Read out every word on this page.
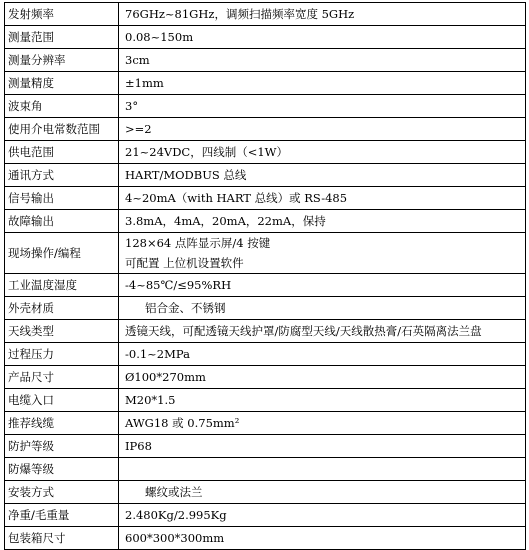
发射频率	76GHz~81GHz，调频扫描频率宽度 5GHz
测量范围	0.08~150m
测量分辨率	3cm
测量精度	±1mm
波束角	3°
使用介电常数范围	>=2
供电范围	21~24VDC，四线制（<1W）
通讯方式	HART/MODBUS 总线
信号输出	4~20mA（with HART 总线）或 RS-485
故障输出	3.8mA，4mA，20mA，22mA，保持
现场操作/编程	128×64 点阵显示屏/4 按键
可配置 上位机设置软件

工业温度湿度	-4~85℃/≤95%RH
外壳材质	铝合金、不锈钢
天线类型	透镜天线，可配透镜天线护罩/防腐型天线/天线散热膏/石英隔离法兰盘
过程压力	-0.1~2MPa
产品尺寸	Ø100*270mm
电缆入口	M20*1.5
推荐线缆	AWG18 或 0.75mm²
防护等级	IP68
防爆等级	
安装方式	螺纹或法兰
净重/毛重量	2.480Kg/2.995Kg
包装箱尺寸	600*300*300mm
